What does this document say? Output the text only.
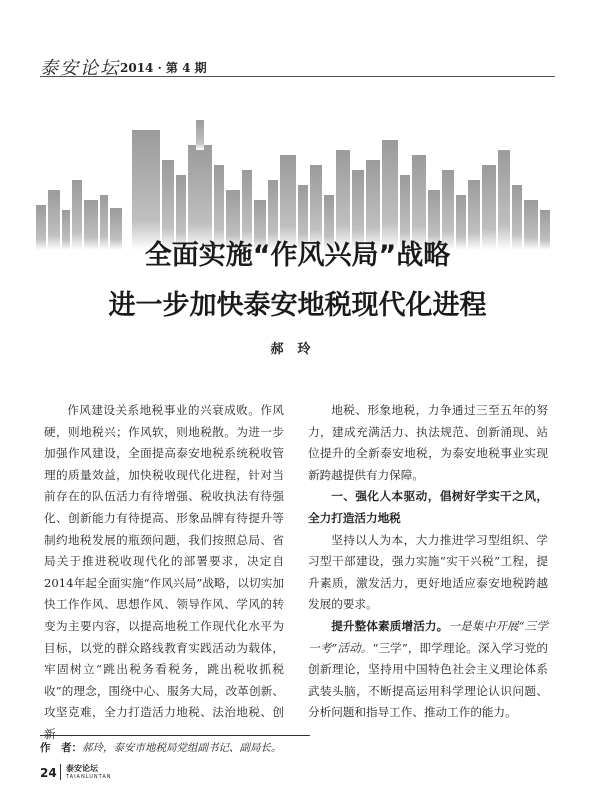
泰安论坛 2014 · 第 4 期
全面实施“作风兴局”战略
进一步加快泰安地税现代化进程
郝玲

作风建设关系地税事业的兴衰成败。作风硬，则地税兴；作风软，则地税散。为进一步加强作风建设，全面提高泰安地税系统税收管理的质量效益，加快税收现代化进程，针对当前存在的队伍活力有待增强、税收执法有待强化、创新能力有待提高、形象品牌有待提升等制约地税发展的瓶颈问题，我们按照总局、省局关于推进税收现代化的部署要求，决定自2014年起全面实施“作风兴局”战略，以切实加快工作作风、思想作风、领导作风、学风的转变为主要内容，以提高地税工作现代化水平为目标，以党的群众路线教育实践活动为载体，牢固树立“跳出税务看税务，跳出税收抓税收”的理念，围绕中心、服务大局，改革创新、攻坚克难，全力打造活力地税、法治地税、创新

地税、形象地税，力争通过三至五年的努力，建成充满活力、执法规范、创新涌现、站位提升的全新泰安地税，为泰安地税事业实现新跨越提供有力保障。

一、强化人本驱动，倡树好学实干之风，全力打造活力地税

坚持以人为本，大力推进学习型组织、学习型干部建设，强力实施“实干兴税”工程，提升素质，激发活力，更好地适应泰安地税跨越发展的要求。

提升整体素质增活力。一是集中开展“三学一考”活动。“三学”，即学理论。深入学习党的创新理论，坚持用中国特色社会主义理论体系武装头脑，不断提高运用科学理论认识问题、分析问题和指导工作、推动工作的能力。

作　者：郝玲，泰安市地税局党组副书记、副局长。
24 泰安论坛
TAIANLUNTAN
